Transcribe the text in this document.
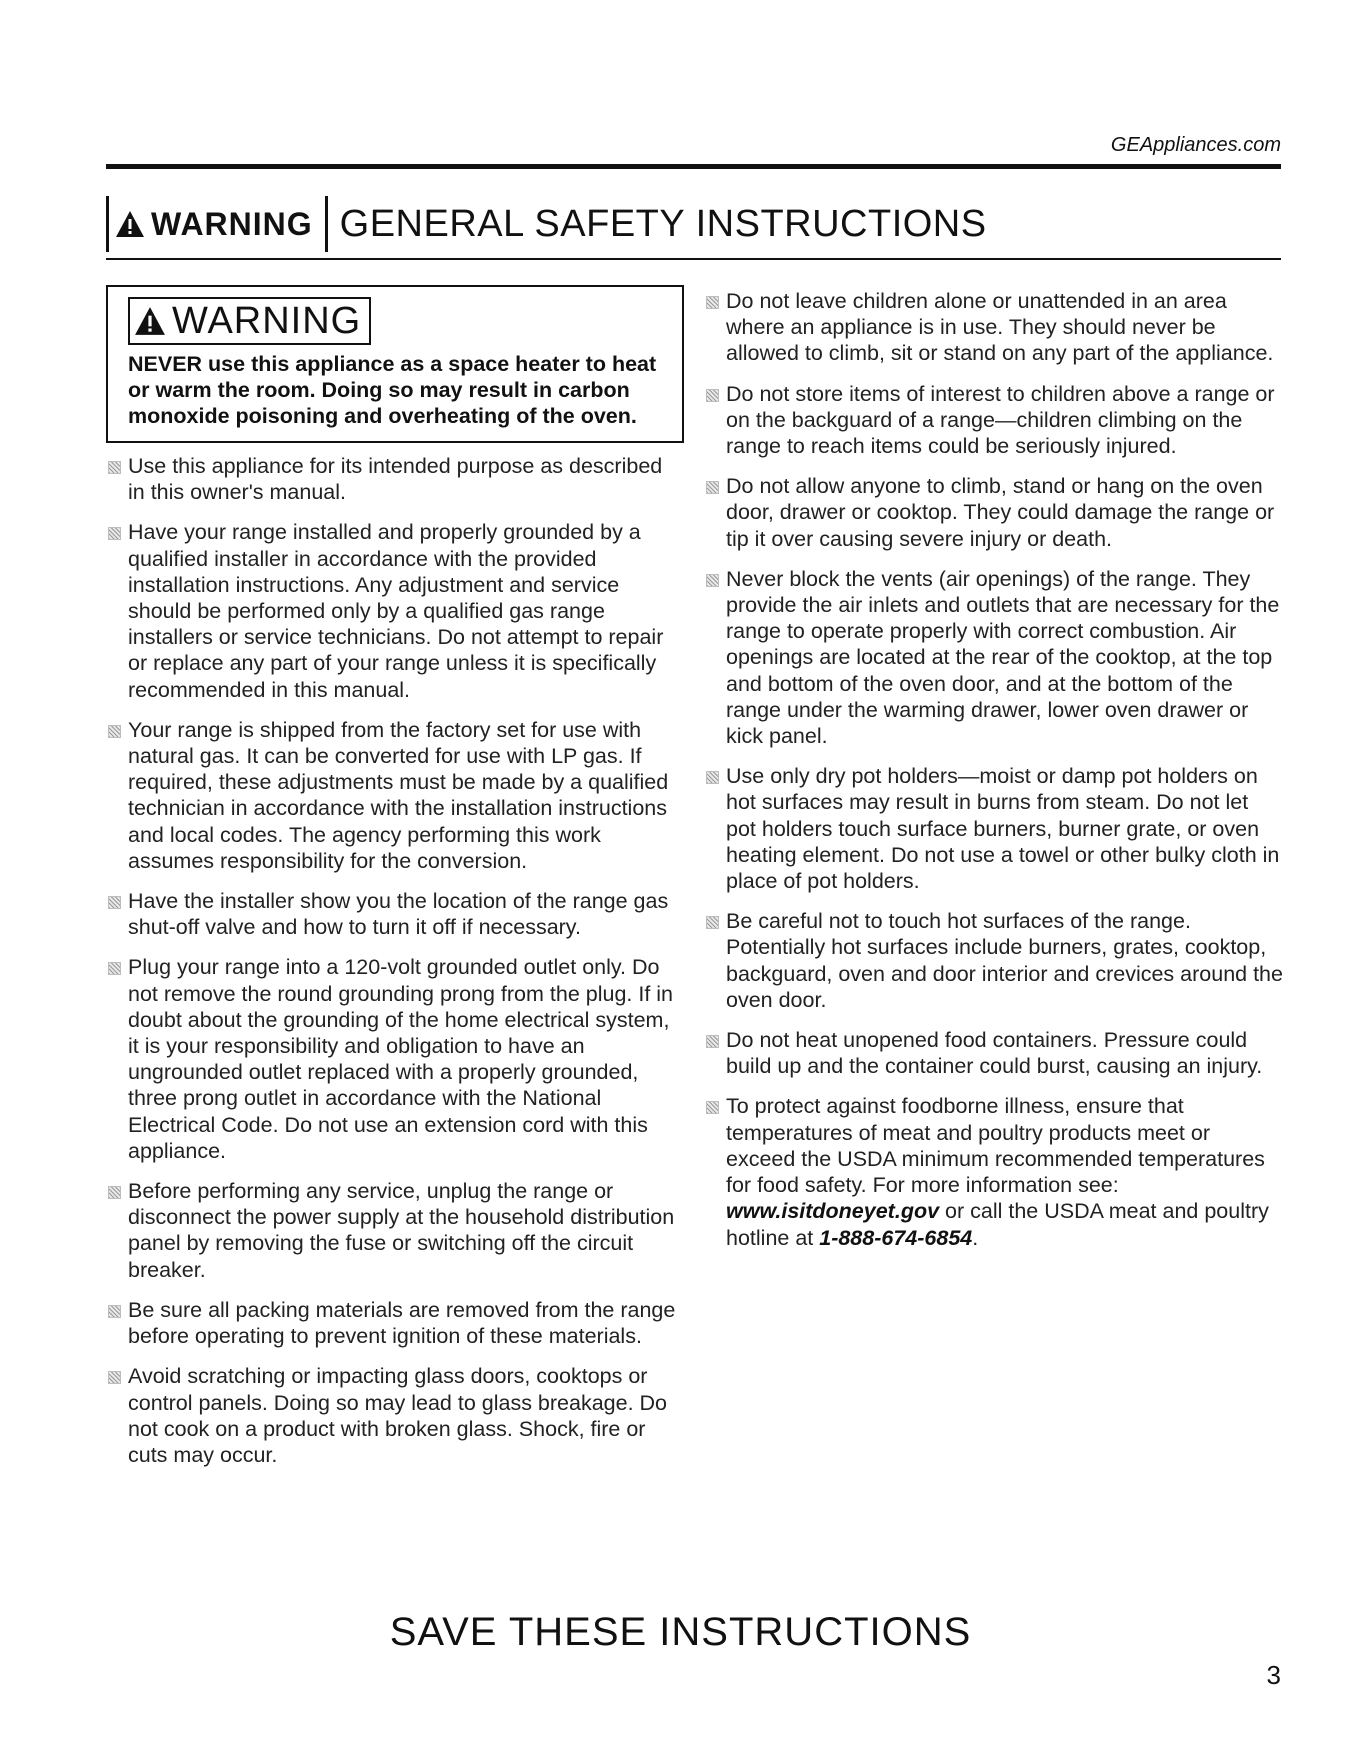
GEAppliances.com
WARNING GENERAL SAFETY INSTRUCTIONS
WARNING
NEVER use this appliance as a space heater to heat or warm the room. Doing so may result in carbon monoxide poisoning and overheating of the oven.
Use this appliance for its intended purpose as described in this owner's manual.
Have your range installed and properly grounded by a qualified installer in accordance with the provided installation instructions. Any adjustment and service should be performed only by a qualified gas range installers or service technicians. Do not attempt to repair or replace any part of your range unless it is specifically recommended in this manual.
Your range is shipped from the factory set for use with natural gas. It can be converted for use with LP gas. If required, these adjustments must be made by a qualified technician in accordance with the installation instructions and local codes. The agency performing this work assumes responsibility for the conversion.
Have the installer show you the location of the range gas shut-off valve and how to turn it off if necessary.
Plug your range into a 120-volt grounded outlet only. Do not remove the round grounding prong from the plug. If in doubt about the grounding of the home electrical system, it is your responsibility and obligation to have an ungrounded outlet replaced with a properly grounded, three prong outlet in accordance with the National Electrical Code. Do not use an extension cord with this appliance.
Before performing any service, unplug the range or disconnect the power supply at the household distribution panel by removing the fuse or switching off the circuit breaker.
Be sure all packing materials are removed from the range before operating to prevent ignition of these materials.
Avoid scratching or impacting glass doors, cooktops or control panels. Doing so may lead to glass breakage. Do not cook on a product with broken glass. Shock, fire or cuts may occur.
Do not leave children alone or unattended in an area where an appliance is in use. They should never be allowed to climb, sit or stand on any part of the appliance.
Do not store items of interest to children above a range or on the backguard of a range—children climbing on the range to reach items could be seriously injured.
Do not allow anyone to climb, stand or hang on the oven door, drawer or cooktop. They could damage the range or tip it over causing severe injury or death.
Never block the vents (air openings) of the range. They provide the air inlets and outlets that are necessary for the range to operate properly with correct combustion. Air openings are located at the rear of the cooktop, at the top and bottom of the oven door, and at the bottom of the range under the warming drawer, lower oven drawer or kick panel.
Use only dry pot holders—moist or damp pot holders on hot surfaces may result in burns from steam. Do not let pot holders touch surface burners, burner grate, or oven heating element. Do not use a towel or other bulky cloth in place of pot holders.
Be careful not to touch hot surfaces of the range. Potentially hot surfaces include burners, grates, cooktop, backguard, oven and door interior and crevices around the oven door.
Do not heat unopened food containers. Pressure could build up and the container could burst, causing an injury.
To protect against foodborne illness, ensure that temperatures of meat and poultry products meet or exceed the USDA minimum recommended temperatures for food safety. For more information see: www.isitdoneyet.gov or call the USDA meat and poultry hotline at 1-888-674-6854.
SAVE THESE INSTRUCTIONS
3
